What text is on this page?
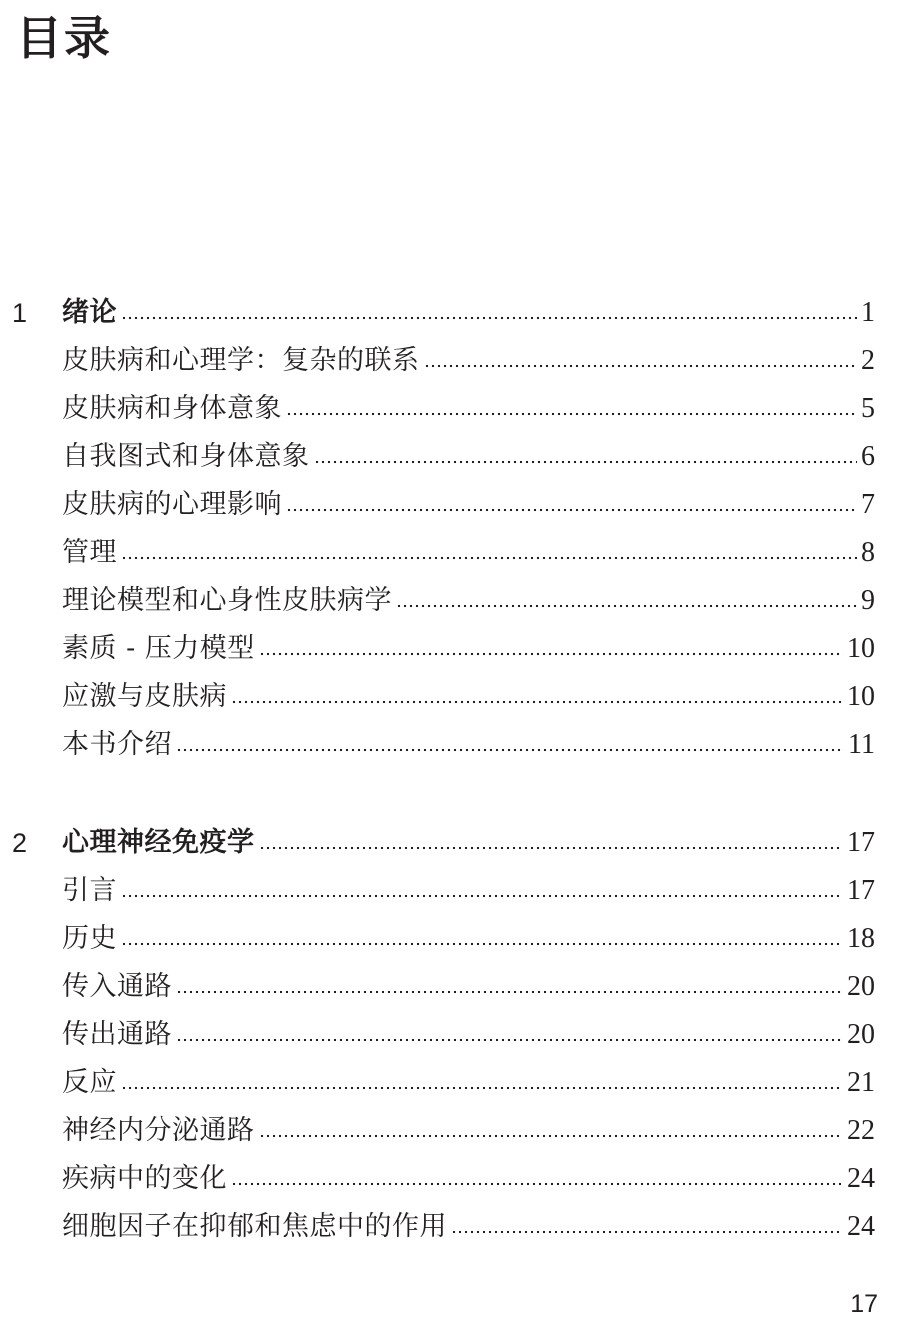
目录
1	绪论	1
皮肤病和心理学：复杂的联系	2
皮肤病和身体意象	5
自我图式和身体意象	6
皮肤病的心理影响	7
管理	8
理论模型和心身性皮肤病学	9
素质 - 压力模型	10
应激与皮肤病	10
本书介绍	11
2	心理神经免疫学	17
引言	17
历史	18
传入通路	20
传出通路	20
反应	21
神经内分泌通路	22
疾病中的变化	24
细胞因子在抑郁和焦虑中的作用	24
17
